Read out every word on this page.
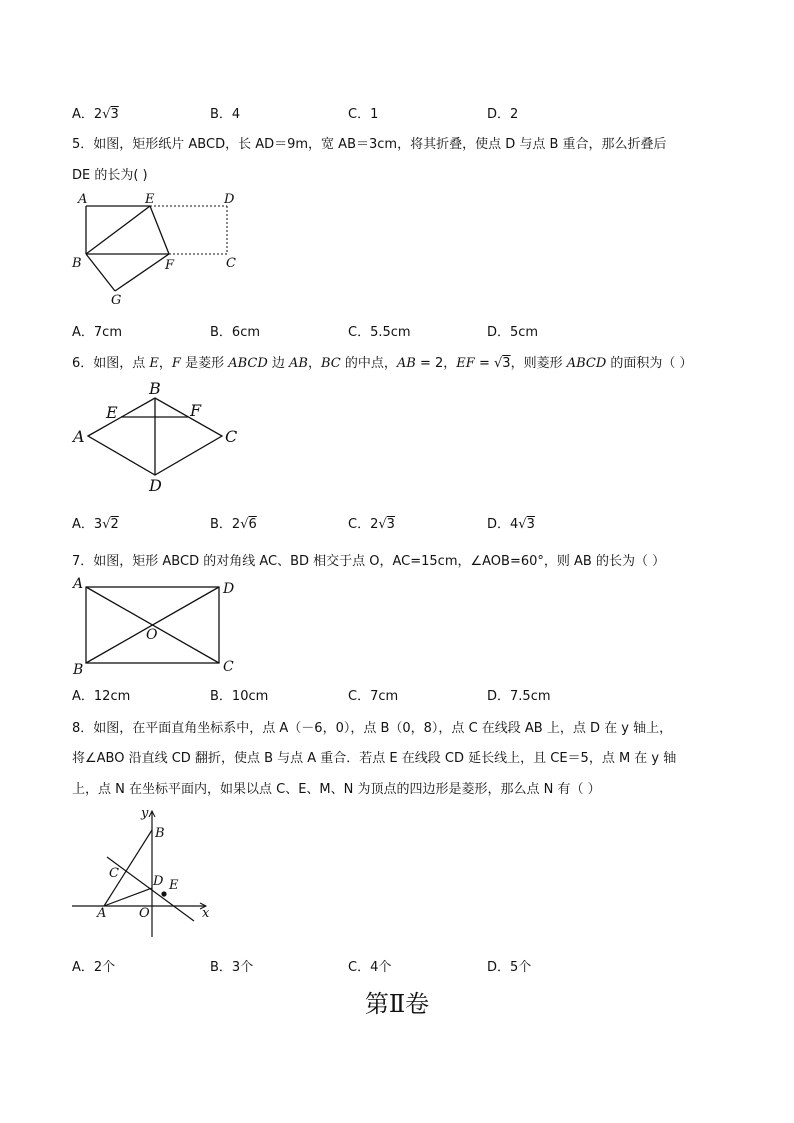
A．2√3	B．4	C．1	D．2
5．如图，矩形纸片 ABCD，长 AD＝9m，宽 AB＝3cm，将其折叠，使点 D 与点 B 重合，那么折叠后
DE 的长为( )
A	E	D
B	F	C
G
A．7cm	B．6cm	C．5.5cm	D．5cm
6．如图，点 E，F 是菱形 ABCD 边 AB，BC 的中点，AB = 2，EF = √3，则菱形 ABCD 的面积为（ ）
A
B
C
D
E	F
A．3√2	B．2√6	C．2√3	D．4√3
7．如图，矩形 ABCD 的对角线 AC、BD 相交于点 O，AC=15cm，∠AOB=60°，则 AB 的长为（ ）
A
B	C
D
O
A．12cm	B．10cm	C．7cm	D．7.5cm
8．如图，在平面直角坐标系中，点 A（－6，0），点 B（0，8），点 C 在线段 AB 上，点 D 在 y 轴上，
将∠ABO 沿直线 CD 翻折，使点 B 与点 A 重合．若点 E 在线段 CD 延长线上，且 CE＝5，点 M 在 y 轴
上，点 N 在坐标平面内，如果以点 C、E、M、N 为顶点的四边形是菱形，那么点 N 有（ ）
y
x
B
C
D E
A	O
A．2个	B．3个	C．4个	D．5个
第Ⅱ卷
